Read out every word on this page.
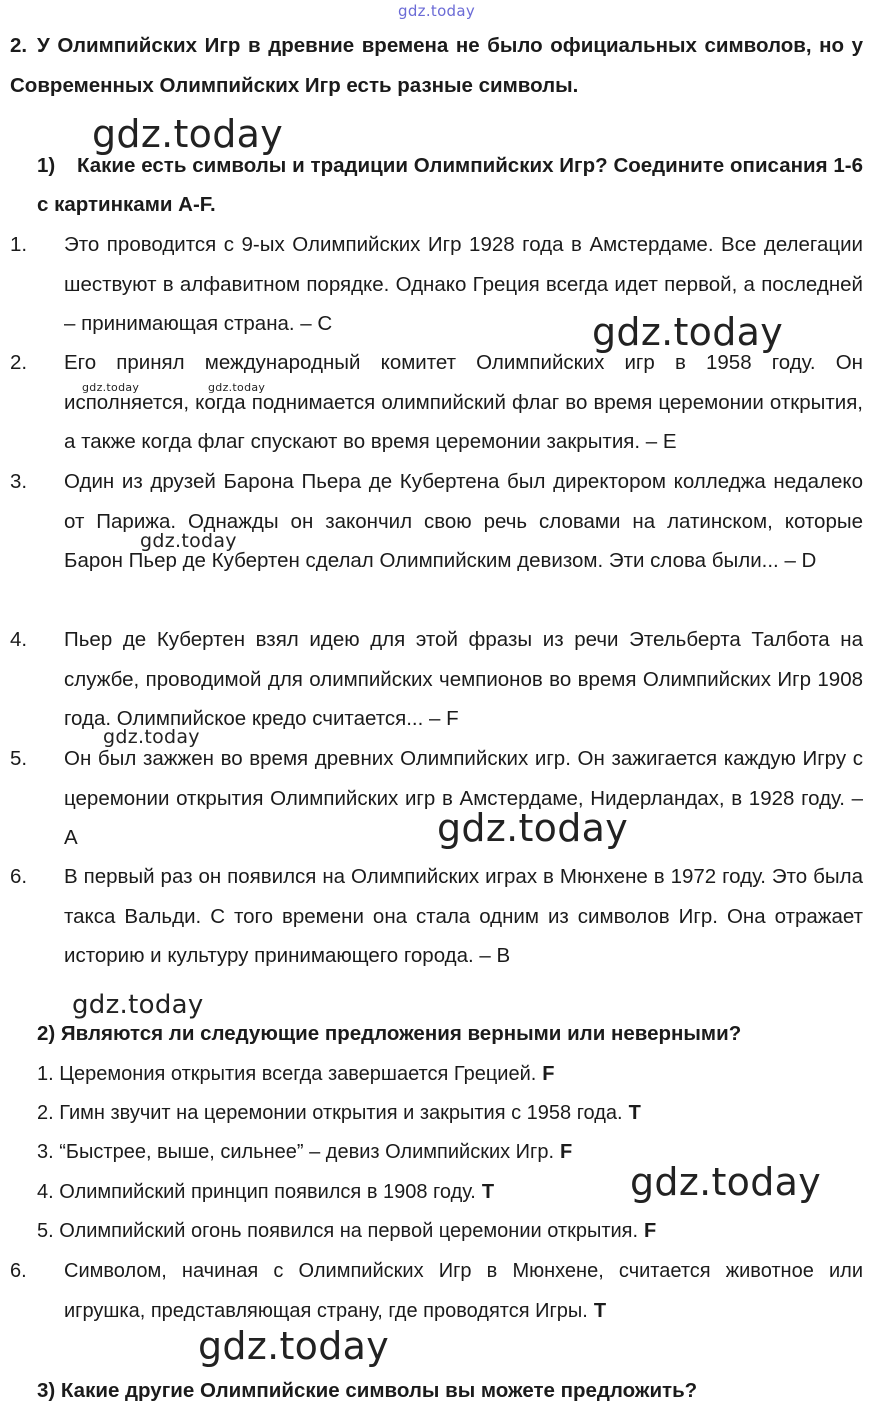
gdz.today
2. У Олимпийских Игр в древние времена не было официальных символов, но у Современных Олимпийских Игр есть разные символы.
gdz.today
1) Какие есть символы и традиции Олимпийских Игр? Соедините описания 1-6 с картинками A-F.
1. Это проводится с 9-ых Олимпийских Игр 1928 года в Амстердаме. Все делегации шествуют в алфавитном порядке. Однако Греция всегда идет первой, а последней – принимающая страна. – C	gdz.today
2. Его принял международный комитет Олимпийских игр в 1958 году. Он исполняется, когда поднимается олимпийский флаг во время церемонии открытия, а также когда флаг спускают во время церемонии закрытия. – E
gdz.today	gdz.today
3. Один из друзей Барона Пьера де Кубертена был директором колледжа недалеко от Парижа. Однажды он закончил свою речь словами на латинском, которые Барон Пьер де Кубертен сделал Олимпийским девизом. Эти слова были... – D
gdz.today
4. Пьер де Кубертен взял идею для этой фразы из речи Этельберта Талбота на службе, проводимой для олимпийских чемпионов во время Олимпийских Игр 1908 года. Олимпийское кредо считается... – F
gdz.today
5. Он был зажжен во время древних Олимпийских игр. Он зажигается каждую Игру с церемонии открытия Олимпийских игр в Амстердаме, Нидерландах, в 1928 году. – A	gdz.today
6. В первый раз он появился на Олимпийских играх в Мюнхене в 1972 году. Это была такса Вальди. С того времени она стала одним из символов Игр. Она отражает историю и культуру принимающего города. – B
gdz.today
2) Являются ли следующие предложения верными или неверными?
1. Церемония открытия всегда завершается Грецией. F
2. Гимн звучит на церемонии открытия и закрытия с 1958 года. T
3. “Быстрее, выше, сильнее” – девиз Олимпийских Игр. F
gdz.today
4. Олимпийский принцип появился в 1908 году. T
5. Олимпийский огонь появился на первой церемонии открытия. F
6. Символом, начиная с Олимпийских Игр в Мюнхене, считается животное или игрушка, представляющая страну, где проводятся Игры. T
gdz.today
3) Какие другие Олимпийские символы вы можете предложить?
